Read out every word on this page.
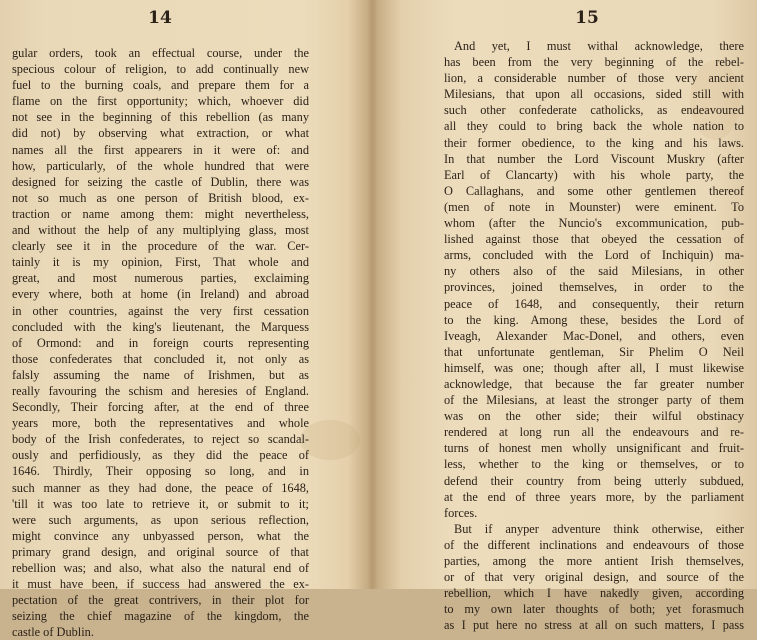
14
gular orders, took an effectual course, under the
specious colour of religion, to add continually new
fuel to the burning coals, and prepare them for a
flame on the first opportunity; which, whoever did
not see in the beginning of this rebellion (as many
did not) by observing what extraction, or what
names all the first appearers in it were of: and
how, particularly, of the whole hundred that were
designed for seizing the castle of Dublin, there was
not so much as one person of British blood, ex-
traction or name among them: might nevertheless,
and without the help of any multiplying glass, most
clearly see it in the procedure of the war. Cer-
tainly it is my opinion, First, That whole and
great, and most numerous parties, exclaiming
every where, both at home (in Ireland) and abroad
in other countries, against the very first cessation
concluded with the king's lieutenant, the Marquess
of Ormond: and in foreign courts representing
those confederates that concluded it, not only as
falsly assuming the name of Irishmen, but as
really favouring the schism and heresies of England.
Secondly, Their forcing after, at the end of three
years more, both the representatives and whole
body of the Irish confederates, to reject so scandal-
ously and perfidiously, as they did the peace of
1646. Thirdly, Their opposing so long, and in
such manner as they had done, the peace of 1648,
'till it was too late to retrieve it, or submit to it;
were such arguments, as upon serious reflection,
might convince any unbyassed person, what the
primary grand design, and original source of that
rebellion was; and also, what also the natural end of
it must have been, if success had answered the ex-
pectation of the great contrivers, in their plot for
seizing the chief magazine of the kingdom, the
castle of Dublin.
15
And yet, I must withal acknowledge, there
has been from the very beginning of the rebel-
lion, a considerable number of those very ancient
Milesians, that upon all occasions, sided still with
such other confederate catholicks, as endeavoured
all they could to bring back the whole nation to
their former obedience, to the king and his laws.
In that number the Lord Viscount Muskry (after
Earl of Clancarty) with his whole party, the
O Callaghans, and some other gentlemen thereof
(men of note in Mounster) were eminent. To
whom (after the Nuncio's excommunication, pub-
lished against those that obeyed the cessation of
arms, concluded with the Lord of Inchiquin) ma-
ny others also of the said Milesians, in other
provinces, joined themselves, in order to the
peace of 1648, and consequently, their return
to the king. Among these, besides the Lord of
Iveagh, Alexander Mac-Donel, and others, even
that unfortunate gentleman, Sir Phelim O Neil
himself, was one; though after all, I must likewise
acknowledge, that because the far greater number
of the Milesians, at least the stronger party of them
was on the other side; their wilful obstinacy
rendered at long run all the endeavours and re-
turns of honest men wholly unsignificant and fruit-
less, whether to the king or themselves, or to
defend their country from being utterly subdued,
at the end of three years more, by the parliament
forces.
But if anyper adventure think otherwise, either
of the different inclinations and endeavours of those
parties, among the more antient Irish themselves,
or of that very original design, and source of the
rebellion, which I have nakedly given, according
to my own later thoughts of both; yet forasmuch
as I put here no stress at all on such matters, I pass
